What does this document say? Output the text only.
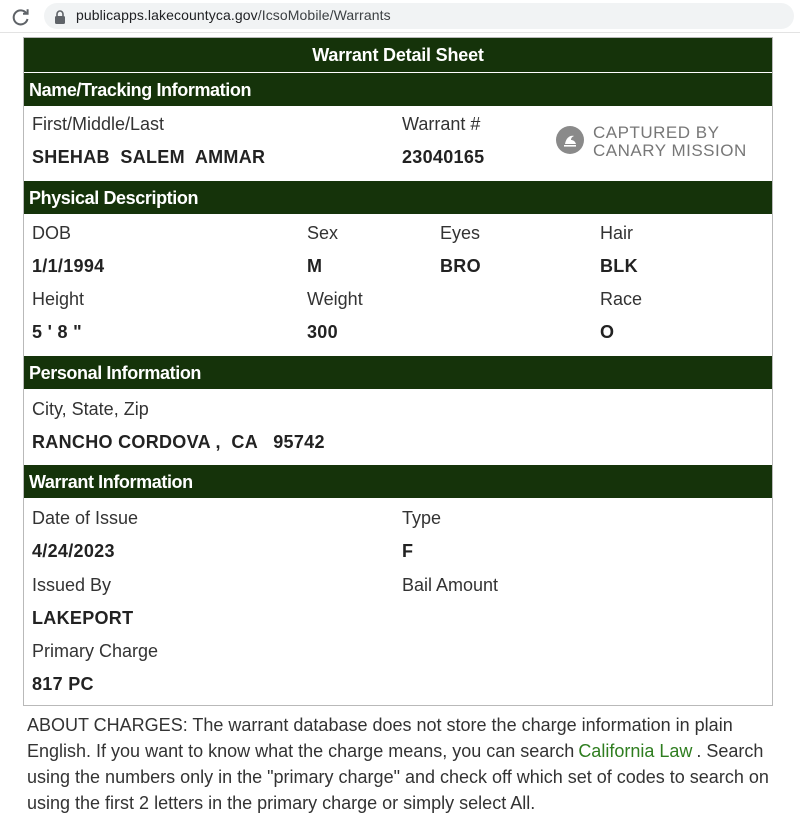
publicapps.lakecountyca.gov/IcsoMobile/Warrants
Warrant Detail Sheet
Name/Tracking Information
First/Middle/Last
SHEHAB  SALEM  AMMAR
Warrant #
23040165
CAPTURED BY
CANARY MISSION
Physical Description
DOB
1/1/1994
Sex
M
Eyes
BRO
Hair
BLK
Height
5 ' 8 "
Weight
300
Race
O
Personal Information
City, State, Zip
RANCHO CORDOVA ,  CA   95742
Warrant Information
Date of Issue
4/24/2023
Type
F
Issued By
LAKEPORT
Bail Amount
Primary Charge
817 PC
ABOUT CHARGES: The warrant database does not store the charge information in plain English. If you want to know what the charge means, you can search California Law . Search using the numbers only in the "primary charge" and check off which set of codes to search on using the first 2 letters in the primary charge or simply select All.
